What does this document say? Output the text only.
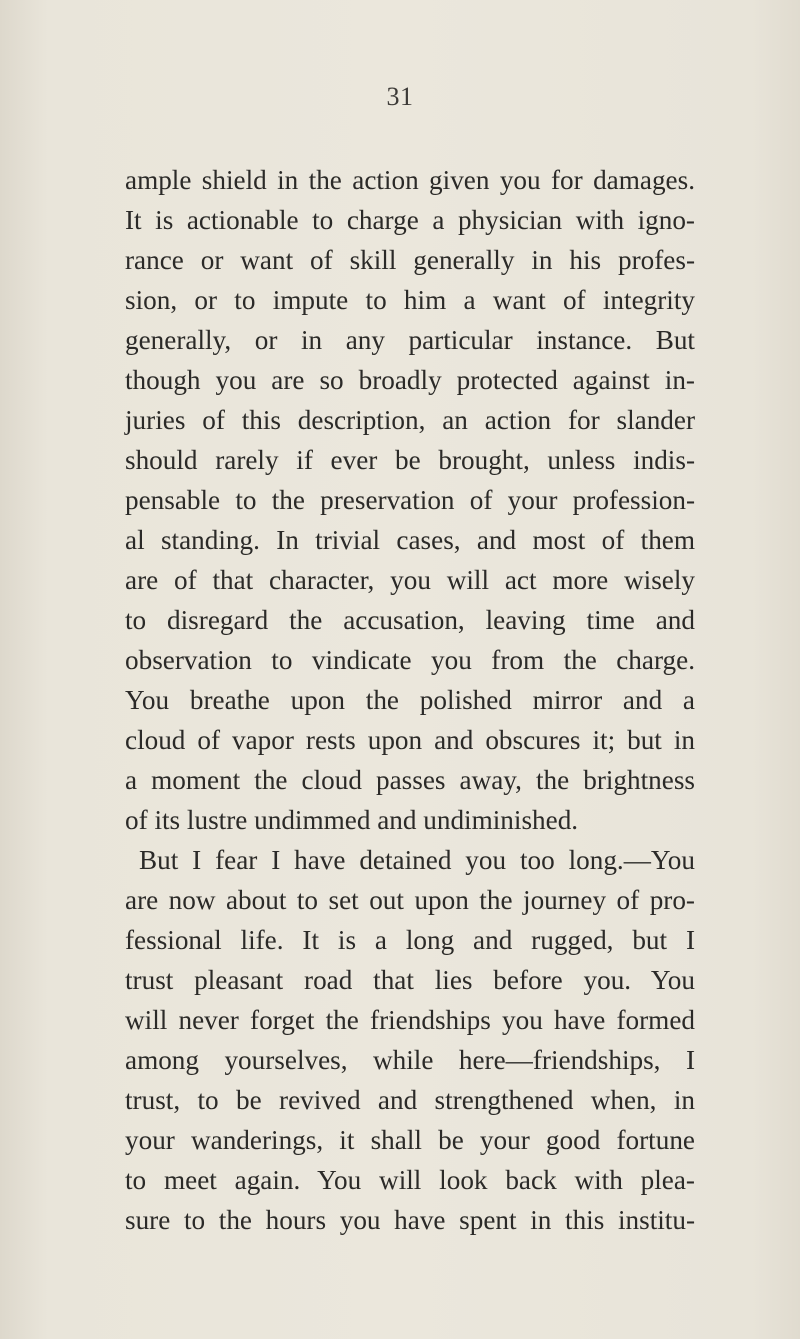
31
ample shield in the action given you for damages.
It is actionable to charge a physician with igno-
rance or want of skill generally in his profes-
sion, or to impute to him a want of integrity
generally, or in any particular instance. But
though you are so broadly protected against in-
juries of this description, an action for slander
should rarely if ever be brought, unless indis-
pensable to the preservation of your profession-
al standing. In trivial cases, and most of them
are of that character, you will act more wisely
to disregard the accusation, leaving time and
observation to vindicate you from the charge.
You breathe upon the polished mirror and a
cloud of vapor rests upon and obscures it; but in
a moment the cloud passes away, the brightness
of its lustre undimmed and undiminished.
But I fear I have detained you too long.—You
are now about to set out upon the journey of pro-
fessional life. It is a long and rugged, but I
trust pleasant road that lies before you. You
will never forget the friendships you have formed
among yourselves, while here—friendships, I
trust, to be revived and strengthened when, in
your wanderings, it shall be your good fortune
to meet again. You will look back with plea-
sure to the hours you have spent in this institu-
